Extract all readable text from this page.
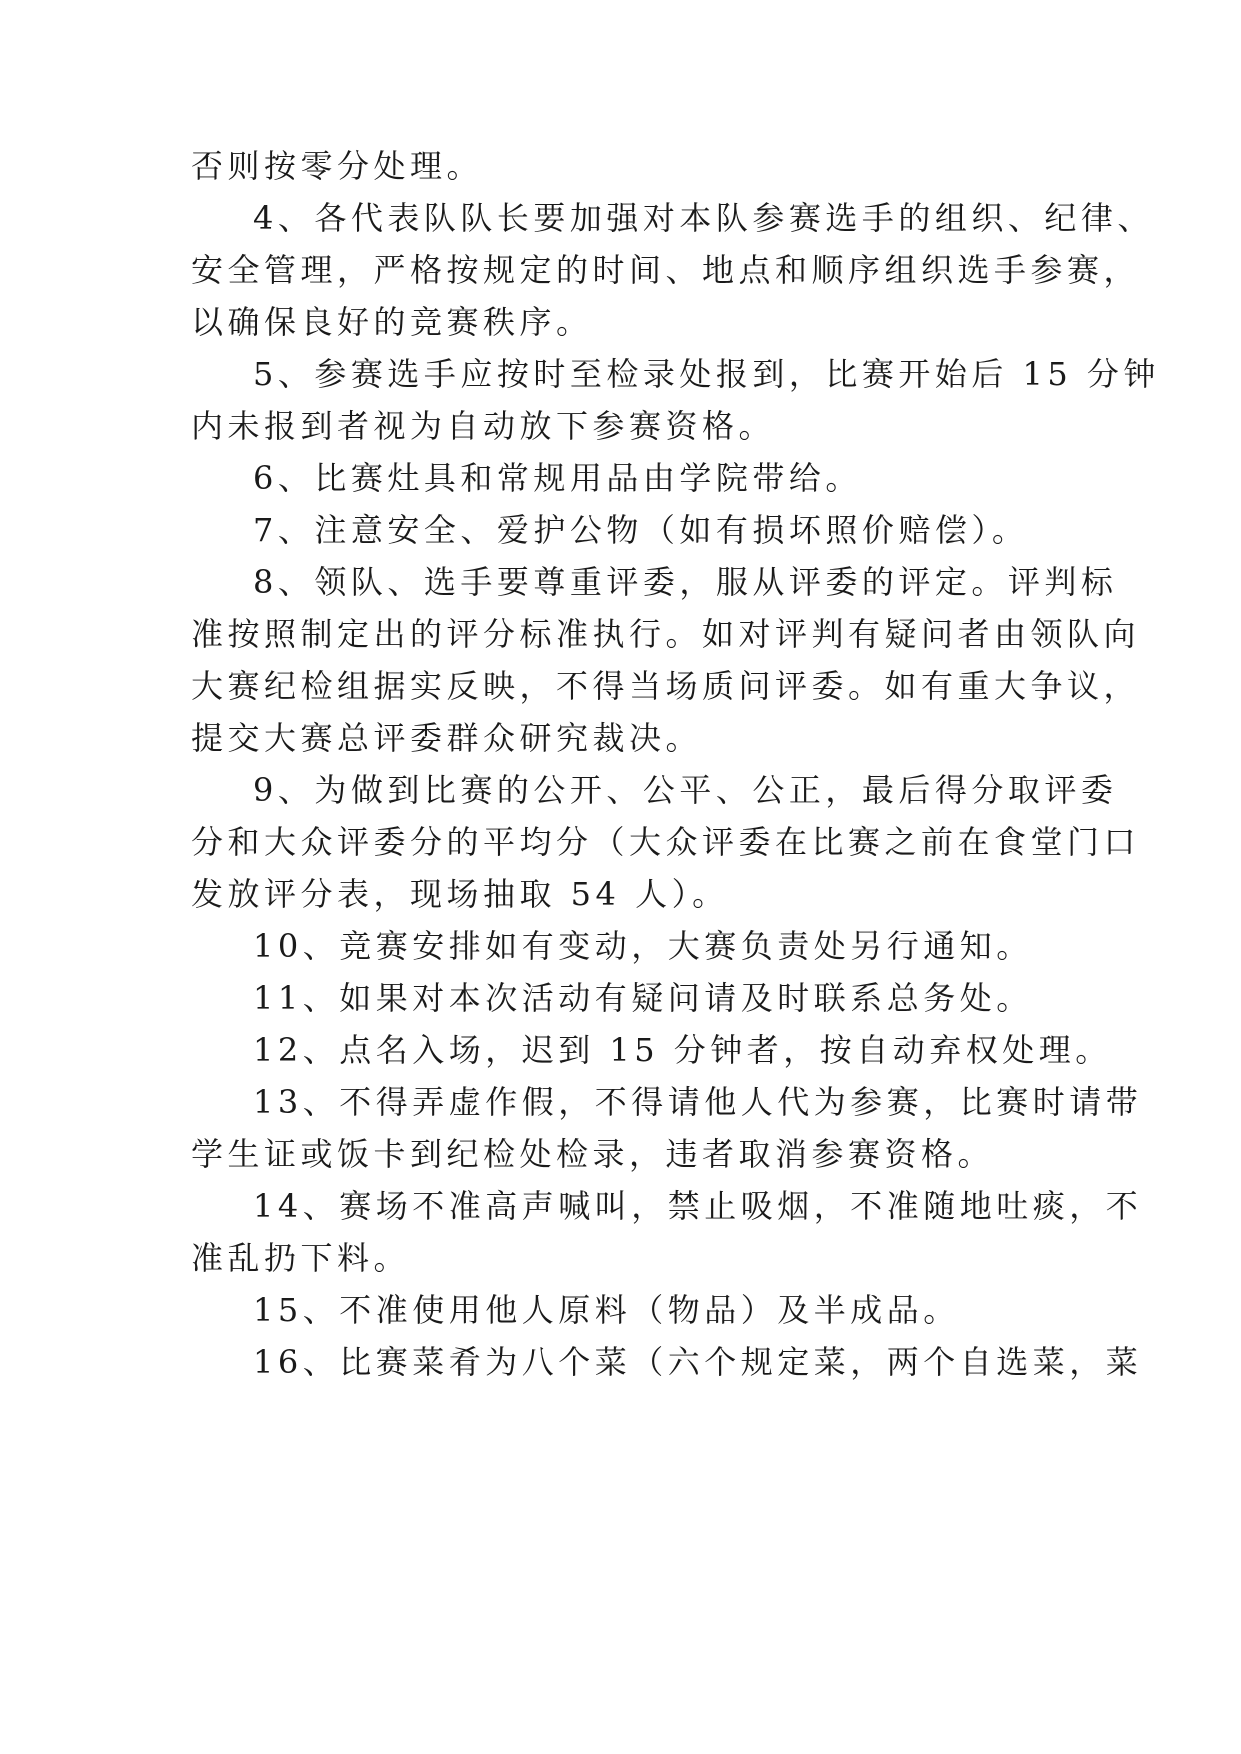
否则按零分处理。

4、各代表队队长要加强对本队参赛选手的组织、纪律、

安全管理，严格按规定的时间、地点和顺序组织选手参赛，

以确保良好的竞赛秩序。

5、参赛选手应按时至检录处报到，比赛开始后 15 分钟

内未报到者视为自动放下参赛资格。

6、比赛灶具和常规用品由学院带给。

7、注意安全、爱护公物（如有损坏照价赔偿）。

8、领队、选手要尊重评委，服从评委的评定。评判标

准按照制定出的评分标准执行。如对评判有疑问者由领队向

大赛纪检组据实反映，不得当场质问评委。如有重大争议，

提交大赛总评委群众研究裁决。

9、为做到比赛的公开、公平、公正，最后得分取评委

分和大众评委分的平均分（大众评委在比赛之前在食堂门口

发放评分表，现场抽取 54 人）。

10、竞赛安排如有变动，大赛负责处另行通知。

11、如果对本次活动有疑问请及时联系总务处。

12、点名入场，迟到 15 分钟者，按自动弃权处理。

13、不得弄虚作假，不得请他人代为参赛，比赛时请带

学生证或饭卡到纪检处检录，违者取消参赛资格。

14、赛场不准高声喊叫，禁止吸烟，不准随地吐痰，不

准乱扔下料。

15、不准使用他人原料（物品）及半成品。

16、比赛菜肴为八个菜（六个规定菜，两个自选菜，菜
